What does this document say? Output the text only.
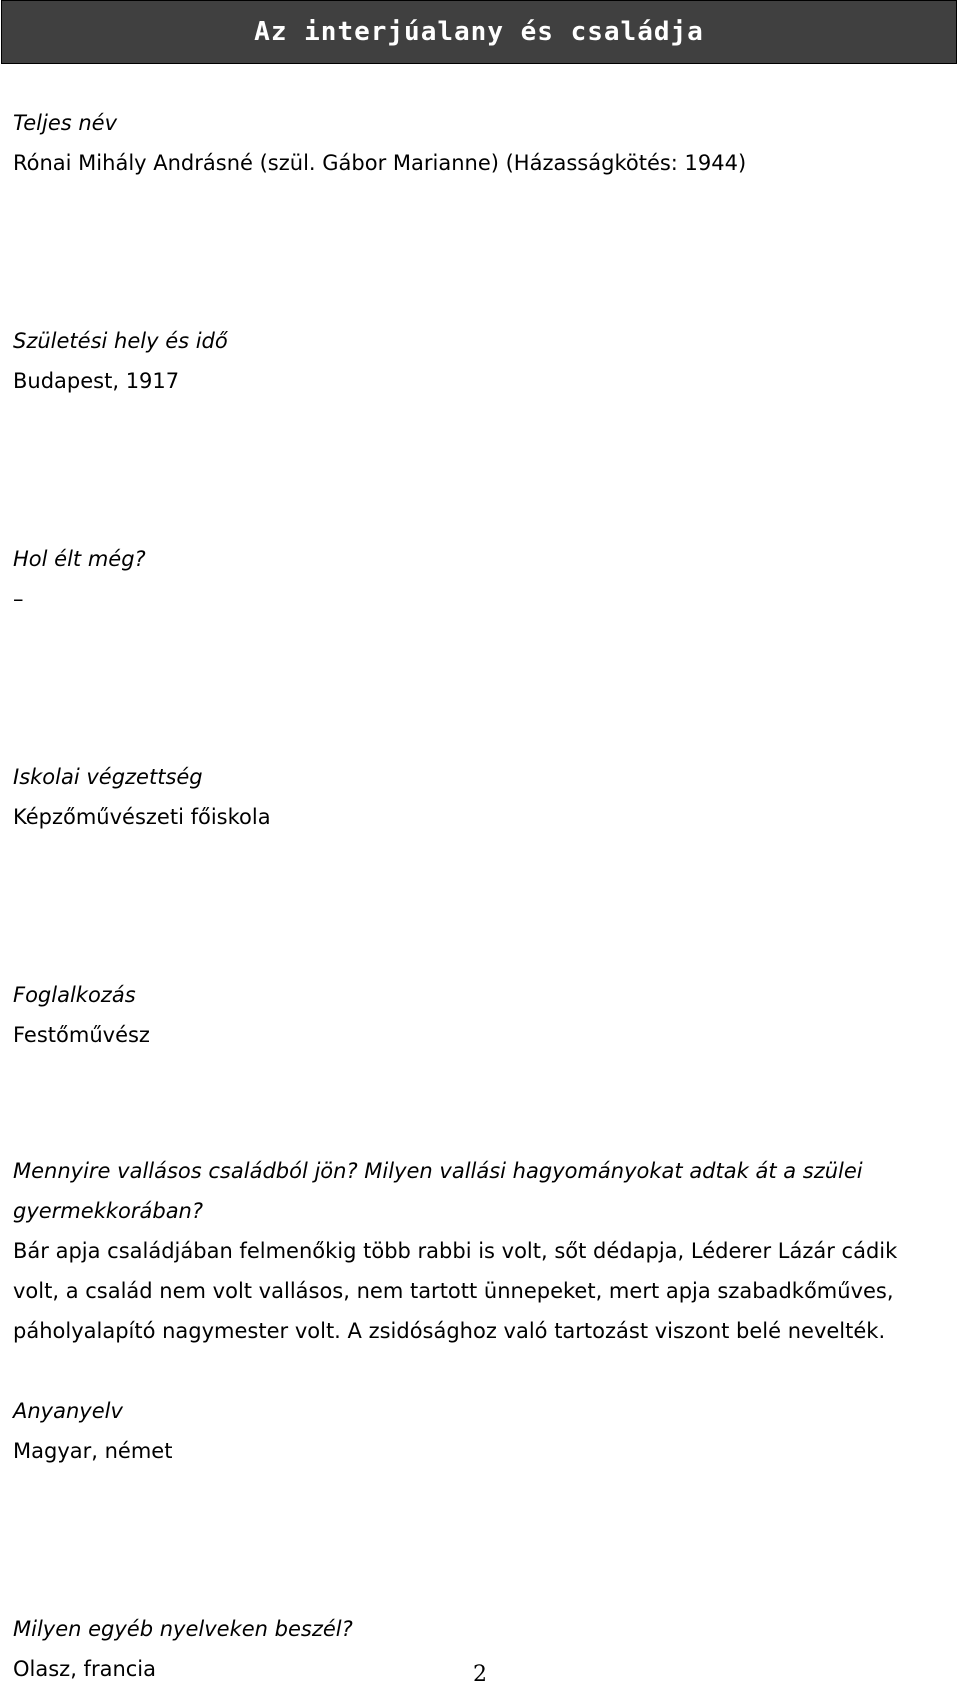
Az interjúalany és családja

Teljes név

Rónai Mihály Andrásné (szül. Gábor Marianne) (Házasságkötés: 1944)

Születési hely és idő

Budapest, 1917

Hol élt még?

–

Iskolai végzettség

Képzőművészeti főiskola

Foglalkozás

Festőművész

Mennyire vallásos családból jön? Milyen vallási hagyományokat adtak át a szülei gyermekkorában?

Bár apja családjában felmenőkig több rabbi is volt, sőt dédapja, Léderer Lázár cádik volt, a család nem volt vallásos, nem tartott ünnepeket, mert apja szabadkőműves, páholyalapító nagymester volt. A zsidósághoz való tartozást viszont belé nevelték.

Anyanyelv

Magyar, német

Milyen egyéb nyelveken beszél?

Olasz, francia	2
